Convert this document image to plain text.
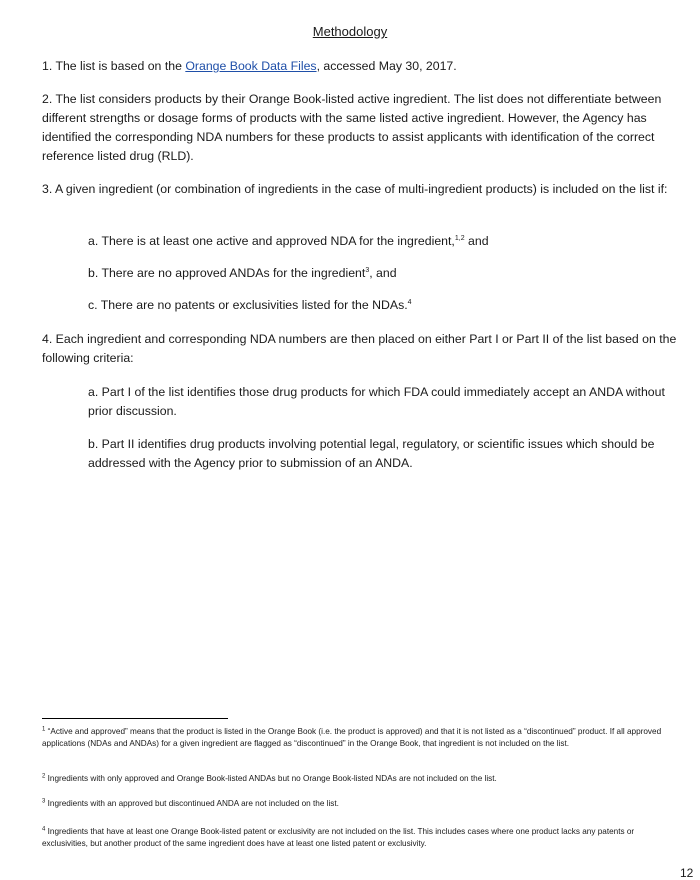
Methodology
1. The list is based on the Orange Book Data Files, accessed May 30, 2017.
2. The list considers products by their Orange Book-listed active ingredient. The list does not differentiate between different strengths or dosage forms of products with the same listed active ingredient. However, the Agency has identified the corresponding NDA numbers for these products to assist applicants with identification of the correct reference listed drug (RLD).
3. A given ingredient (or combination of ingredients in the case of multi-ingredient products) is included on the list if:
a. There is at least one active and approved NDA for the ingredient,$^{1,2}$ and
b. There are no approved ANDAs for the ingredient$^3$, and
c. There are no patents or exclusivities listed for the NDAs.$^4$
4. Each ingredient and corresponding NDA numbers are then placed on either Part I or Part II of the list based on the following criteria:
a. Part I of the list identifies those drug products for which FDA could immediately accept an ANDA without prior discussion.
b. Part II identifies drug products involving potential legal, regulatory, or scientific issues which should be addressed with the Agency prior to submission of an ANDA.
$^1$ “Active and approved” means that the product is listed in the Orange Book (i.e. the product is approved) and that it is not listed as a “discontinued” product. If all approved applications (NDAs and ANDAs) for a given ingredient are flagged as “discontinued” in the Orange Book, that ingredient is not included on the list.
$^2$ Ingredients with only approved and Orange Book-listed ANDAs but no Orange Book-listed NDAs are not included on the list.
$^3$ Ingredients with an approved but discontinued ANDA are not included on the list.
$^4$ Ingredients that have at least one Orange Book-listed patent or exclusivity are not included on the list. This includes cases where one product lacks any patents or exclusivities, but another product of the same ingredient does have at least one listed patent or exclusivity.
12
